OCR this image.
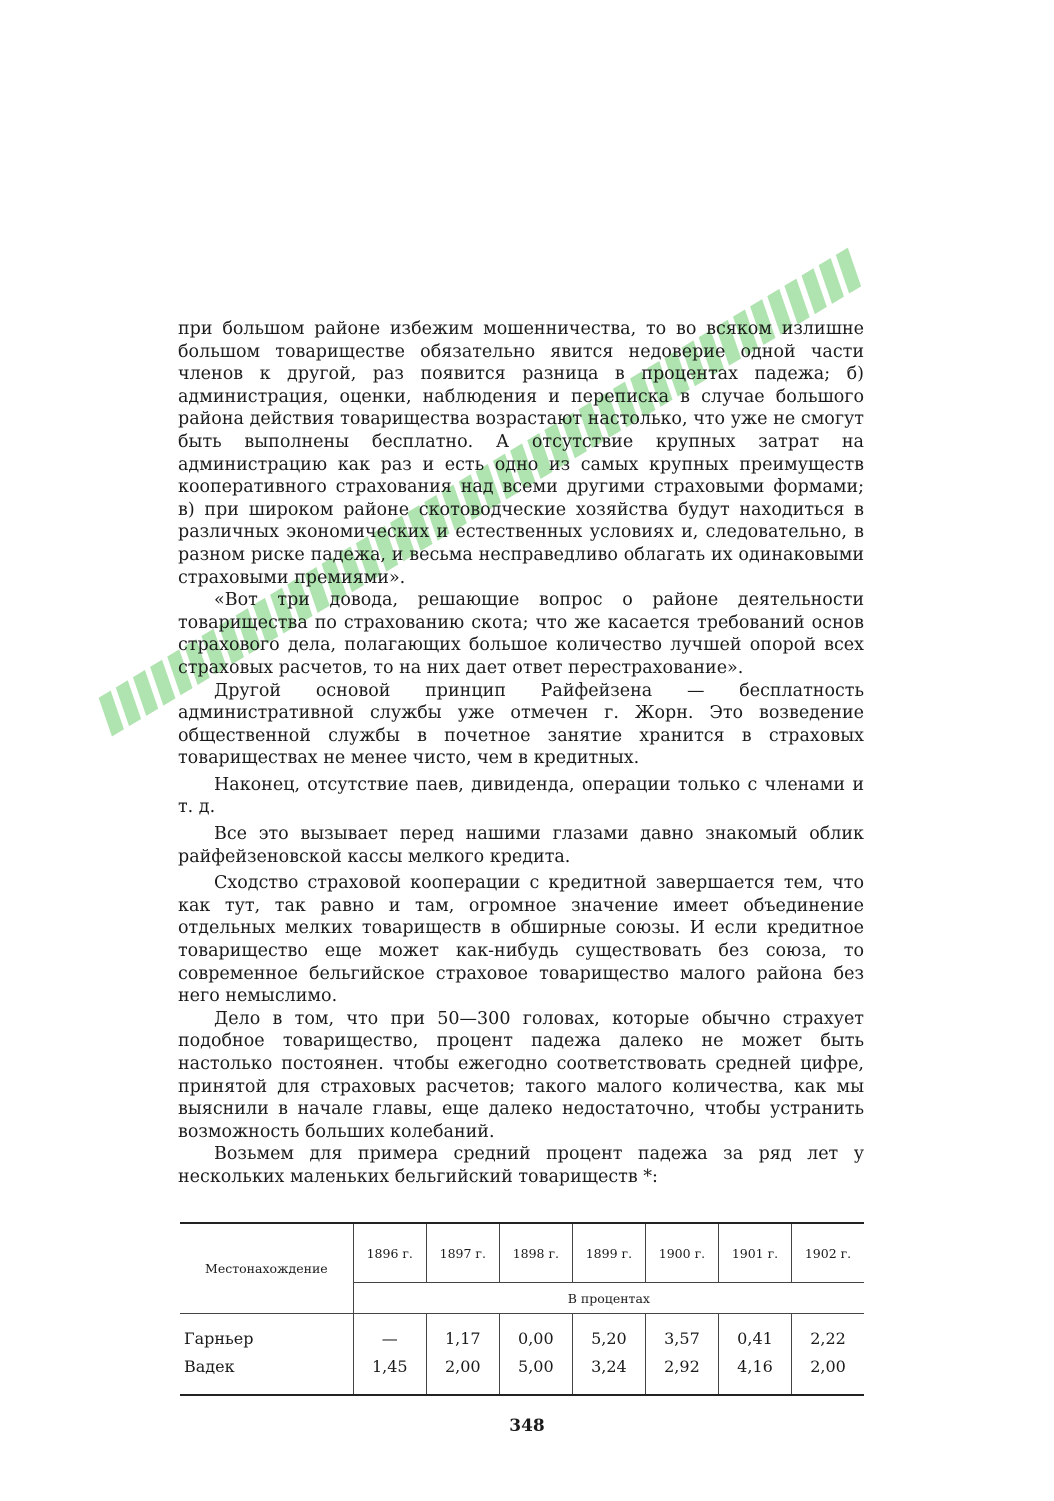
при большом районе избежим мошенничества, то во всяком излишне большом товариществе обязательно явится недоверие одной части членов к другой, раз появится разница в процентах падежа; б) администрация, оценки, наблюдения и переписка в случае большого района действия товарищества возрастают настолько, что уже не смогут быть выполнены бесплатно. А отсутствие крупных затрат на администрацию как раз и есть одно из самых крупных преимуществ кооперативного страхования над всеми другими страховыми формами; в) при широком районе скотоводческие хозяйства будут находиться в различных экономических и естественных условиях и, следовательно, в разном риске падежа, и весьма несправедливо облагать их одинаковыми страховыми премиями».

«Вот три довода, решающие вопрос о районе деятельности товарищества по страхованию скота; что же касается требований основ страхового дела, полагающих большое количество лучшей опорой всех страховых расчетов, то на них дает ответ перестрахование».

Другой основой принцип Райфейзена — бесплатность административной службы уже отмечен г. Жорн. Это возведение общественной службы в почетное занятие хранится в страховых товариществах не менее чисто, чем в кредитных.

Наконец, отсутствие паев, дивиденда, операции только с членами и т. д.

Все это вызывает перед нашими глазами давно знакомый облик райфейзеновской кассы мелкого кредита.

Сходство страховой кооперации с кредитной завершается тем, что как тут, так равно и там, огромное значение имеет объединение отдельных мелких товариществ в обширные союзы. И если кредитное товарищество еще может как-нибудь существовать без союза, то современное бельгийское страховое товарищество малого района без него немыслимо.

Дело в том, что при 50—300 головах, которые обычно страхует подобное товарищество, процент падежа далеко не может быть настолько постоянен. чтобы ежегодно соответствовать средней цифре, принятой для страховых расчетов; такого малого количества, как мы выяснили в начале главы, еще далеко недостаточно, чтобы устранить возможность больших колебаний.

Возьмем для примера средний процент падежа за ряд лет у нескольких маленьких бельгийский товариществ *:

Местонахождение	1896 г.	1897 г.	1898 г.	1899 г.	1900 г.	1901 г.	1902 г.
	В процентах						
Гарньер	—	1,17	0,00	5,20	3,57	0,41	2,22
Вадек	1,45	2,00	5,00	3,24	2,92	4,16	2,00
348
